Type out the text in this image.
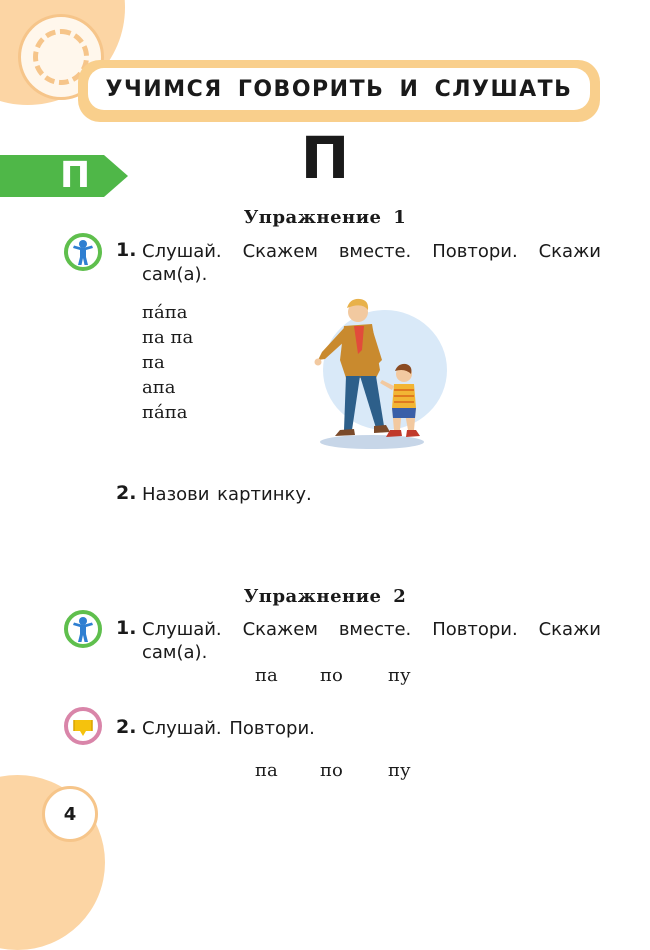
УЧИМСЯ ГОВОРИТЬ И СЛУШАТЬ
П	П
Упражнение 1
1. Слушай. Скажем вместе. Повтори. Скажи
сам(а).
па́па
па па
па
апа
па́па
2. Назови картинку.
Упражнение 2
1. Слушай. Скажем вместе. Повтори. Скажи
сам(а).
па по	пу
2. Слушай. Повтори.
па по	пу
4
